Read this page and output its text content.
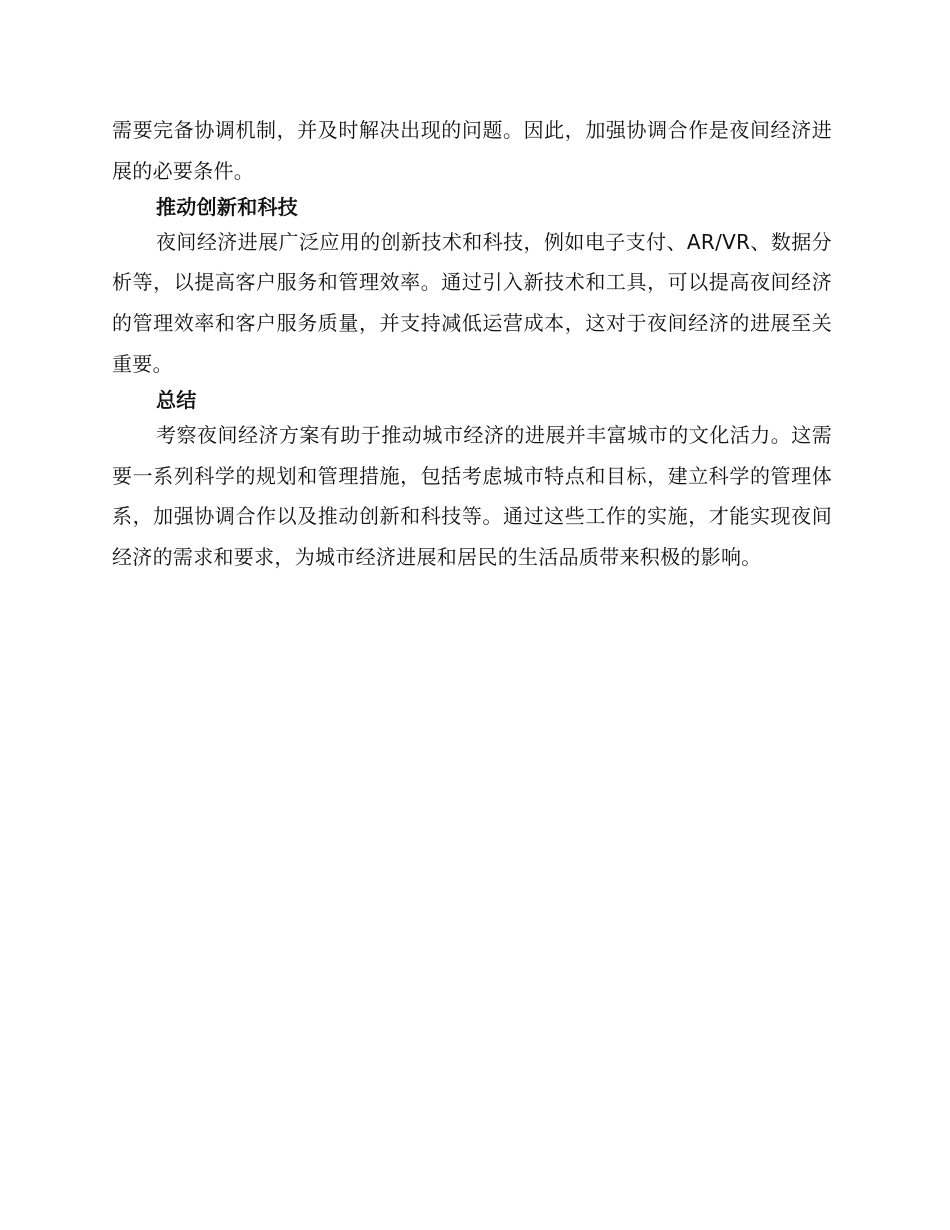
需要完备协调机制，并及时解决出现的问题。因此，加强协调合作是夜间经济进展的必要条件。

推动创新和科技

夜间经济进展广泛应用的创新技术和科技，例如电子支付、AR/VR、数据分析等，以提高客户服务和管理效率。通过引入新技术和工具，可以提高夜间经济的管理效率和客户服务质量，并支持减低运营成本，这对于夜间经济的进展至关重要。

总结

考察夜间经济方案有助于推动城市经济的进展并丰富城市的文化活力。这需要一系列科学的规划和管理措施，包括考虑城市特点和目标，建立科学的管理体系，加强协调合作以及推动创新和科技等。通过这些工作的实施，才能实现夜间经济的需求和要求，为城市经济进展和居民的生活品质带来积极的影响。
